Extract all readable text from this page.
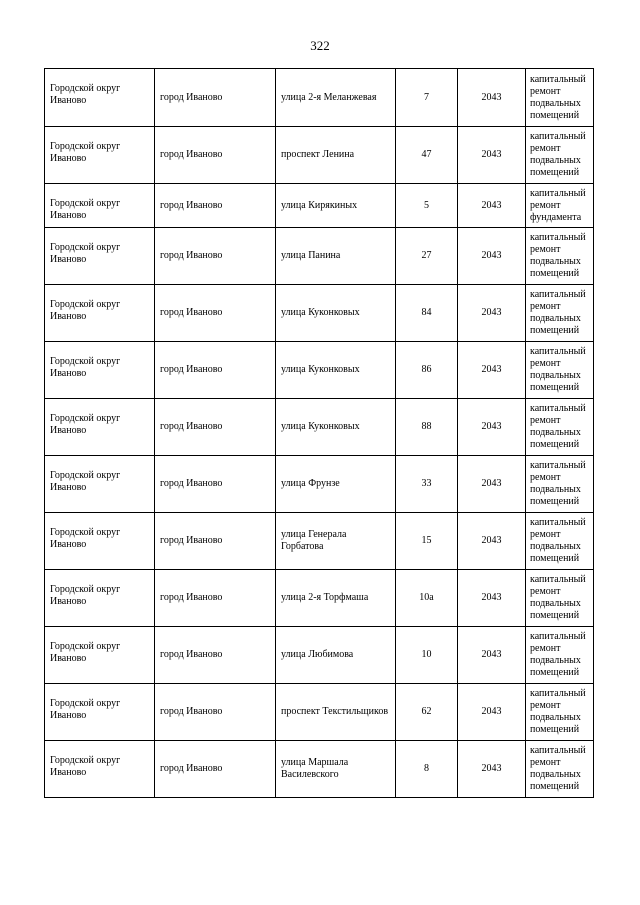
322
Городской округ Иваново	город Иваново	улица 2-я Меланжевая	7	2043	капитальный ремонт подвальных помещений
Городской округ Иваново	город Иваново	проспект Ленина	47	2043	капитальный ремонт подвальных помещений
Городской округ Иваново	город Иваново	улица Кирякиных	5	2043	капитальный ремонт фундамента
Городской округ Иваново	город Иваново	улица Панина	27	2043	капитальный ремонт подвальных помещений
Городской округ Иваново	город Иваново	улица Куконковых	84	2043	капитальный ремонт подвальных помещений
Городской округ Иваново	город Иваново	улица Куконковых	86	2043	капитальный ремонт подвальных помещений
Городской округ Иваново	город Иваново	улица Куконковых	88	2043	капитальный ремонт подвальных помещений
Городской округ Иваново	город Иваново	улица Фрунзе	33	2043	капитальный ремонт подвальных помещений
Городской округ Иваново	город Иваново	улица Генерала Горбатова	15	2043	капитальный ремонт подвальных помещений
Городской округ Иваново	город Иваново	улица 2-я Торфмаша	10а	2043	капитальный ремонт подвальных помещений
Городской округ Иваново	город Иваново	улица Любимова	10	2043	капитальный ремонт подвальных помещений
Городской округ Иваново	город Иваново	проспект Текстильщиков	62	2043	капитальный ремонт подвальных помещений
Городской округ Иваново	город Иваново	улица Маршала Василевского	8	2043	капитальный ремонт подвальных помещений
